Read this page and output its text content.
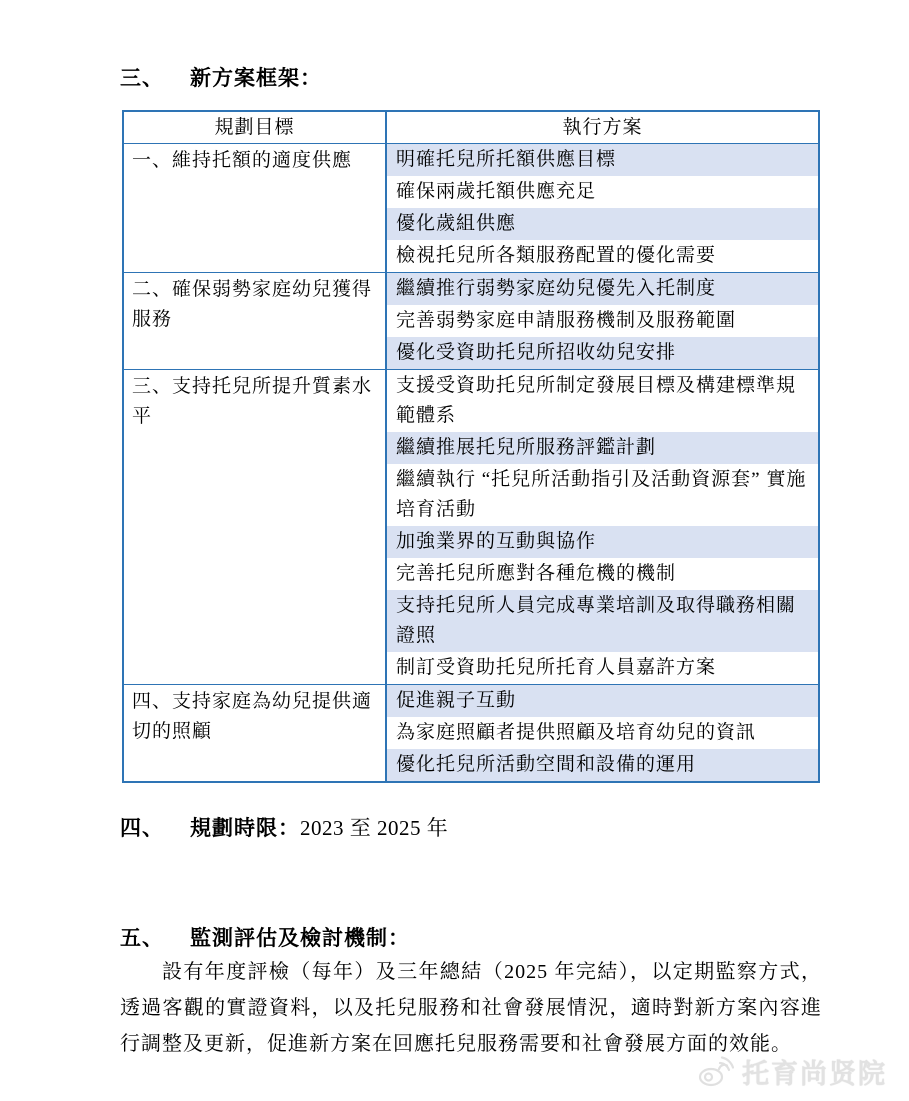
三、 新方案框架：
規劃目標	執行方案
一、維持托額的適度供應	明確托兒所托額供應目標
	確保兩歲托額供應充足
	優化歲組供應
	檢視托兒所各類服務配置的優化需要
二、確保弱勢家庭幼兒獲得服務	繼續推行弱勢家庭幼兒優先入托制度
	完善弱勢家庭申請服務機制及服務範圍
	優化受資助托兒所招收幼兒安排
三、支持托兒所提升質素水平	支援受資助托兒所制定發展目標及構建標準規範體系
	繼續推展托兒所服務評鑑計劃
	繼續執行 “托兒所活動指引及活動資源套” 實施培育活動
	加強業界的互動與協作
	完善托兒所應對各種危機的機制
	支持托兒所人員完成專業培訓及取得職務相關證照
	制訂受資助托兒所托育人員嘉許方案
四、支持家庭為幼兒提供適切的照顧	促進親子互動
	為家庭照顧者提供照顧及培育幼兒的資訊
	優化托兒所活動空間和設備的運用
四、 規劃時限：2023 至 2025 年
五、 監測評估及檢討機制：
設有年度評檢（每年）及三年總結（2025 年完結），以定期監察方式，透過客觀的實證資料，以及托兒服務和社會發展情況，適時對新方案內容進行調整及更新，促進新方案在回應托兒服務需要和社會發展方面的效能。
托育尚贤院
